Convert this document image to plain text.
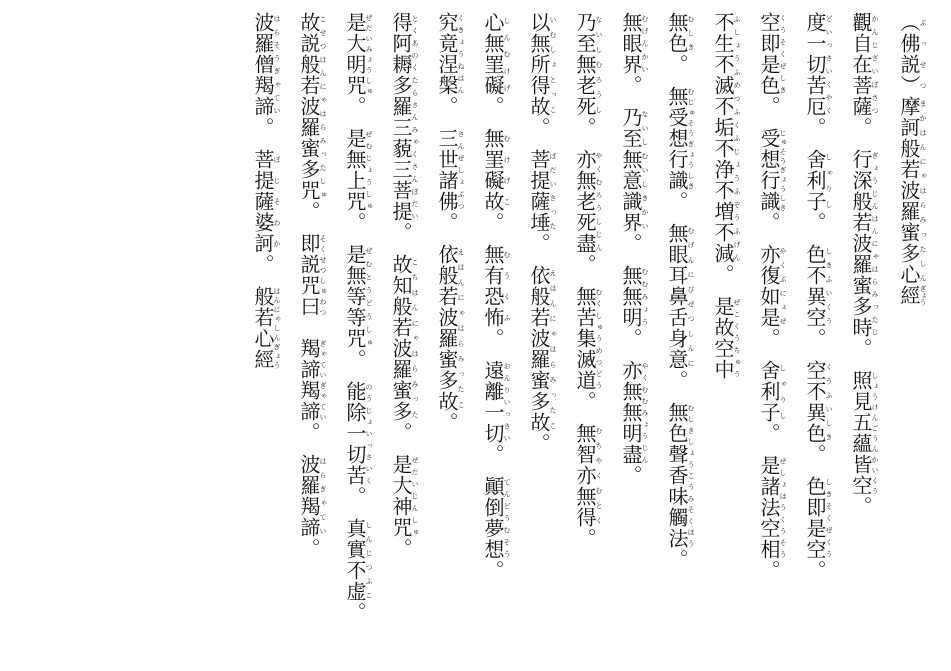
（佛説）ぶっせつ摩訶般若波羅蜜多心まかはんにゃはらみったしん經ぎょう
觀自在菩薩かんじざいぼさつ。　行深般若波羅蜜多時ぎょうじんはんにゃはらみったじ。　照見五蘊皆空しょうけんごうんかいくう。
度一切苦厄どいっさいくやく。　舍利子しゃりし。　色不異空しきふいくう。　空不異色くうふいしき。　色即是空しきそくぜくう。
空即是色くうそくぜしき。　受想行識じゅそうぎょうしき。　亦復如是やくぶにょぜ。　舍利子しゃりし。　是諸法空相ぜしょほうくうそう。
不生不滅不垢不浄不増不減ふしょうふめつふくふじょうふぞうふげん。　是故空中ぜこくうちゅう
無色むしき。　無受想行識むじゅそうぎょうしき。　無眼耳鼻舌身意むげんにびぜつしんに。　無色聲香味觸法むしきしょうこうみそくほう。
無眼界むげんかい。　乃至無意識界ないしむいしきかい。　無無明むむみょう。　亦無無明盡やくむむみょうじん。
乃至無老死ないしむろうし。　亦無老死盡やくむろうしじん。　無苦集滅道むくしゅうめつどう。　無智亦無得むちやくむとく。
以無所得故いむしょとっこ。　菩提薩埵ぼだいさった。　依般若波羅蜜多故えはんにゃはらみったこ。
心無罣礙しんむけげ。　無罣礙故むけげこ。　無有恐怖むうくふ。　遠離一切おんりいっさい。　顚倒夢想てんどうむそう。
究竟涅槃くきょうねはん。　三世諸佛さんぜしょぶつ。　依般若波羅蜜多故えはんにゃはらみったこ。
得阿耨多羅三藐三菩提とくあのくたらさんみゃくさんぼだい。　故知般若波羅蜜多こちはんにゃはらみった。　是大神咒ぜだいじんしゅ。
是大明咒ぜだいみょうしゅ。　是無上咒ぜむじょうしゅ。　是無等等咒ぜむとうどうしゅ。　能除一切苦のうじょいっさいく。　真實不虚しんじつふこ。
故説般若波羅蜜多咒こせつはんにゃはらみったしゅ。　即説咒曰そくせつしゅわつ　羯諦羯諦ぎゃていぎゃてい。　波羅羯諦はらぎゃてい。
波羅僧羯諦はらそうぎゃてい。　菩提薩婆訶ぼじそわか。　般若心經はんにゃしんぎょう
